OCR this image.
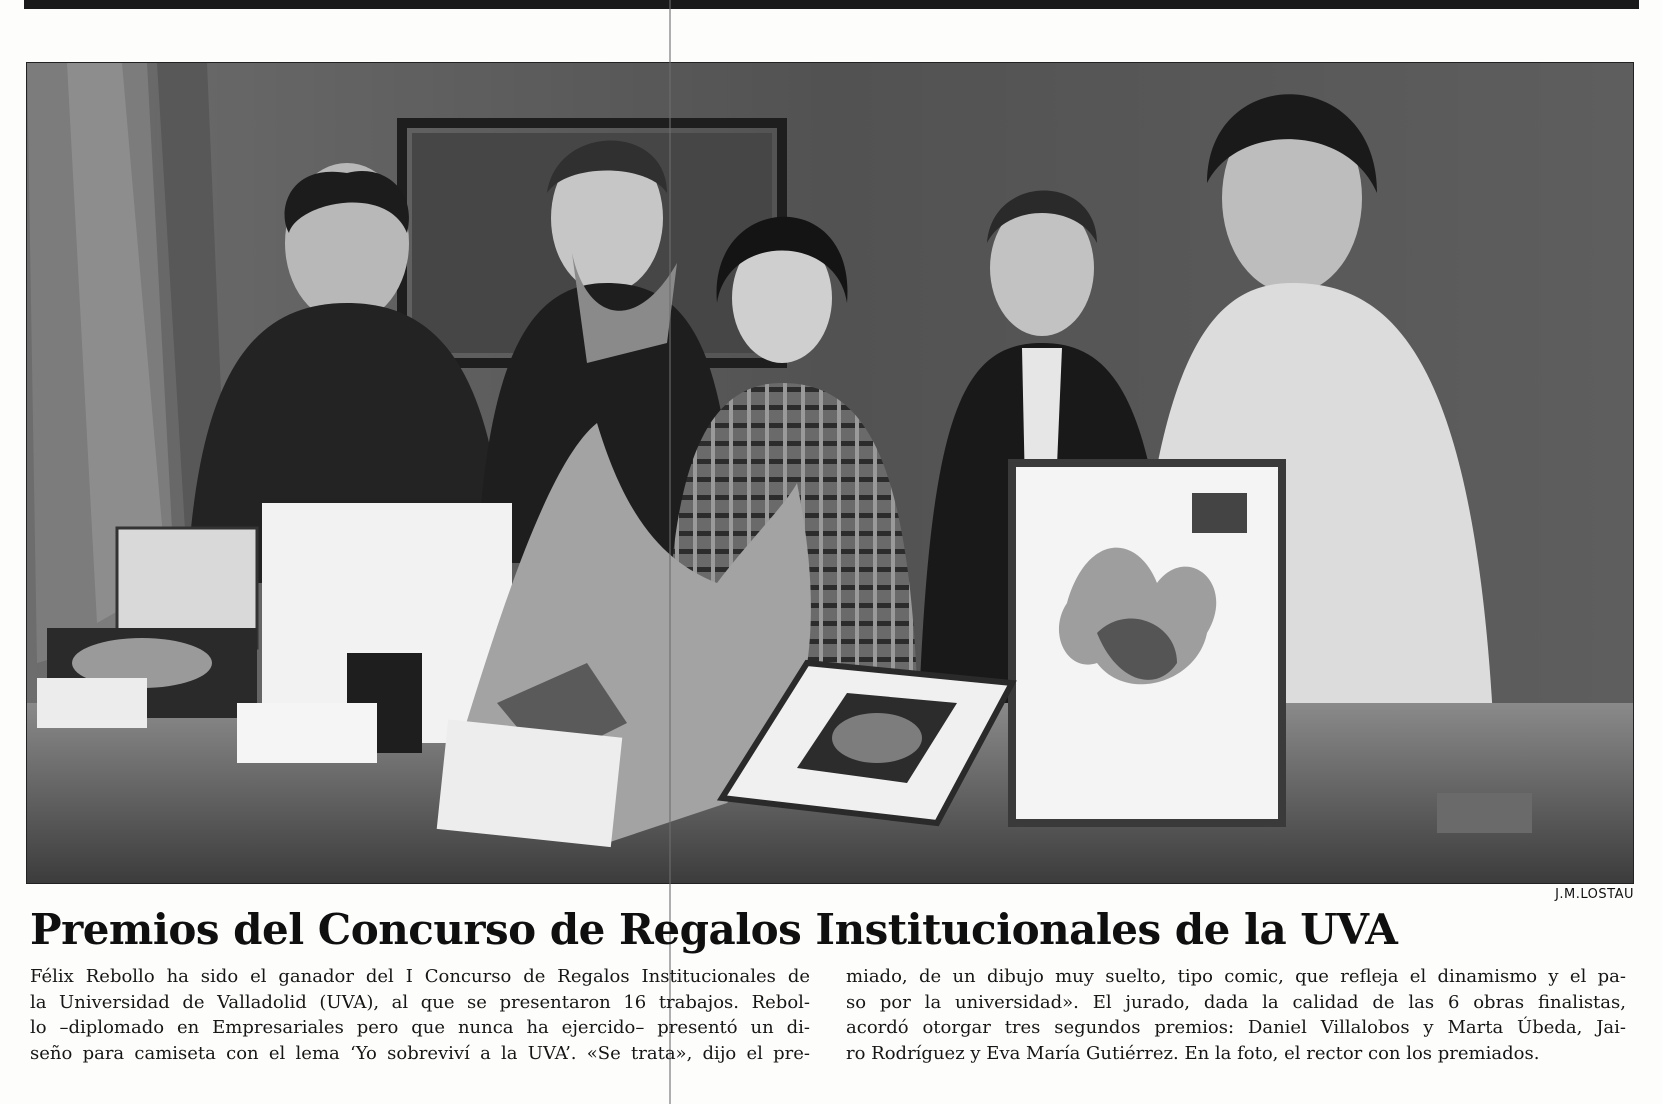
J.M.LOSTAU
Premios del Concurso de Regalos Institucionales de la UVA
Félix Rebollo ha sido el ganador del I Concurso de Regalos Institucionales de
la Universidad de Valladolid (UVA), al que se presentaron 16 trabajos. Rebol-
lo –diplomado en Empresariales pero que nunca ha ejercido– presentó un di-
seño para camiseta con el lema ‘Yo sobreviví a la UVA’. «Se trata», dijo el pre-
miado, de un dibujo muy suelto, tipo comic, que refleja el dinamismo y el pa-
so por la universidad». El jurado, dada la calidad de las 6 obras finalistas,
acordó otorgar tres segundos premios: Daniel Villalobos y Marta Úbeda, Jai-
ro Rodríguez y Eva María Gutiérrez. En la foto, el rector con los premiados.
